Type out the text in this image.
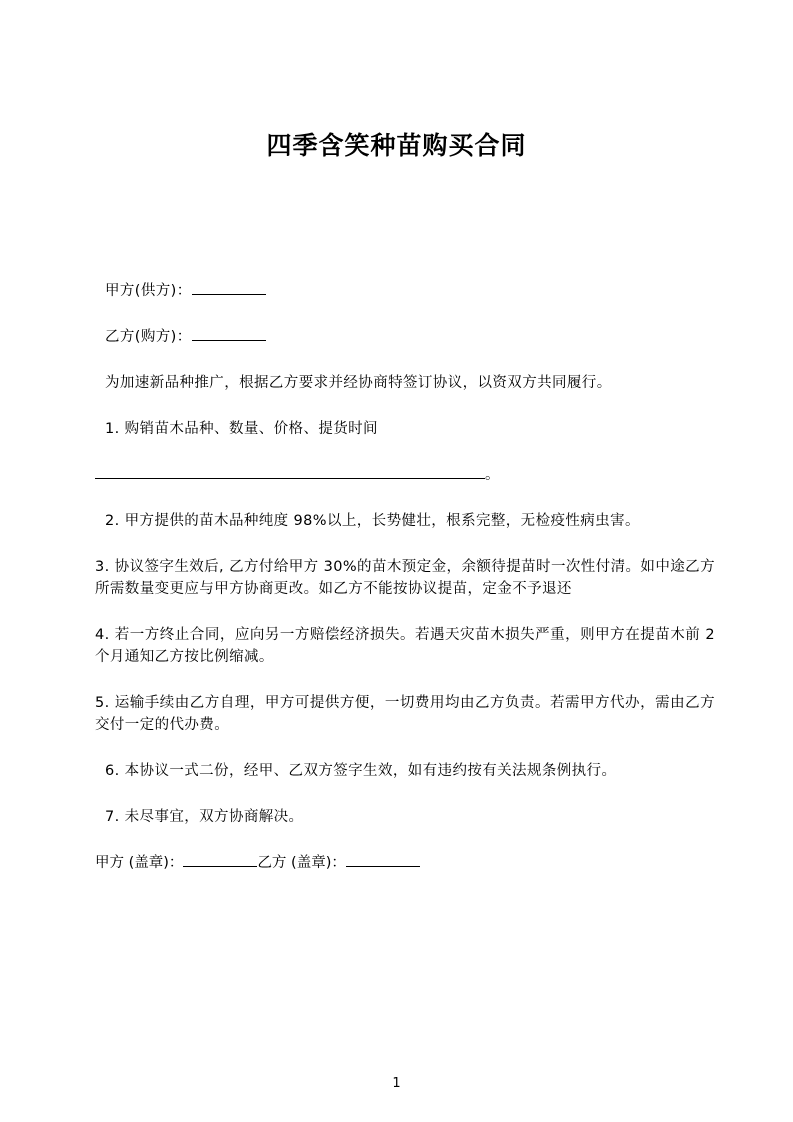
四季含笑种苗购买合同

甲方(供方)：

乙方(购方)：

为加速新品种推广，根据乙方要求并经协商特签订协议，以资双方共同履行。

1. 购销苗木品种、数量、价格、提货时间

。

2. 甲方提供的苗木品种纯度 98%以上，长势健壮，根系完整，无检疫性病虫害。

3. 协议签字生效后, 乙方付给甲方 30%的苗木预定金，余额待提苗时一次性付清。如中途乙方所需数量变更应与甲方协商更改。如乙方不能按协议提苗，定金不予退还

4. 若一方终止合同，应向另一方赔偿经济损失。若遇天灾苗木损失严重，则甲方在提苗木前 2 个月通知乙方按比例缩减。

5. 运输手续由乙方自理，甲方可提供方便，一切费用均由乙方负责。若需甲方代办，需由乙方交付一定的代办费。

6. 本协议一式二份，经甲、乙双方签字生效，如有违约按有关法规条例执行。

7. 未尽事宜，双方协商解决。

甲方 (盖章)：	乙方 (盖章)：

1
